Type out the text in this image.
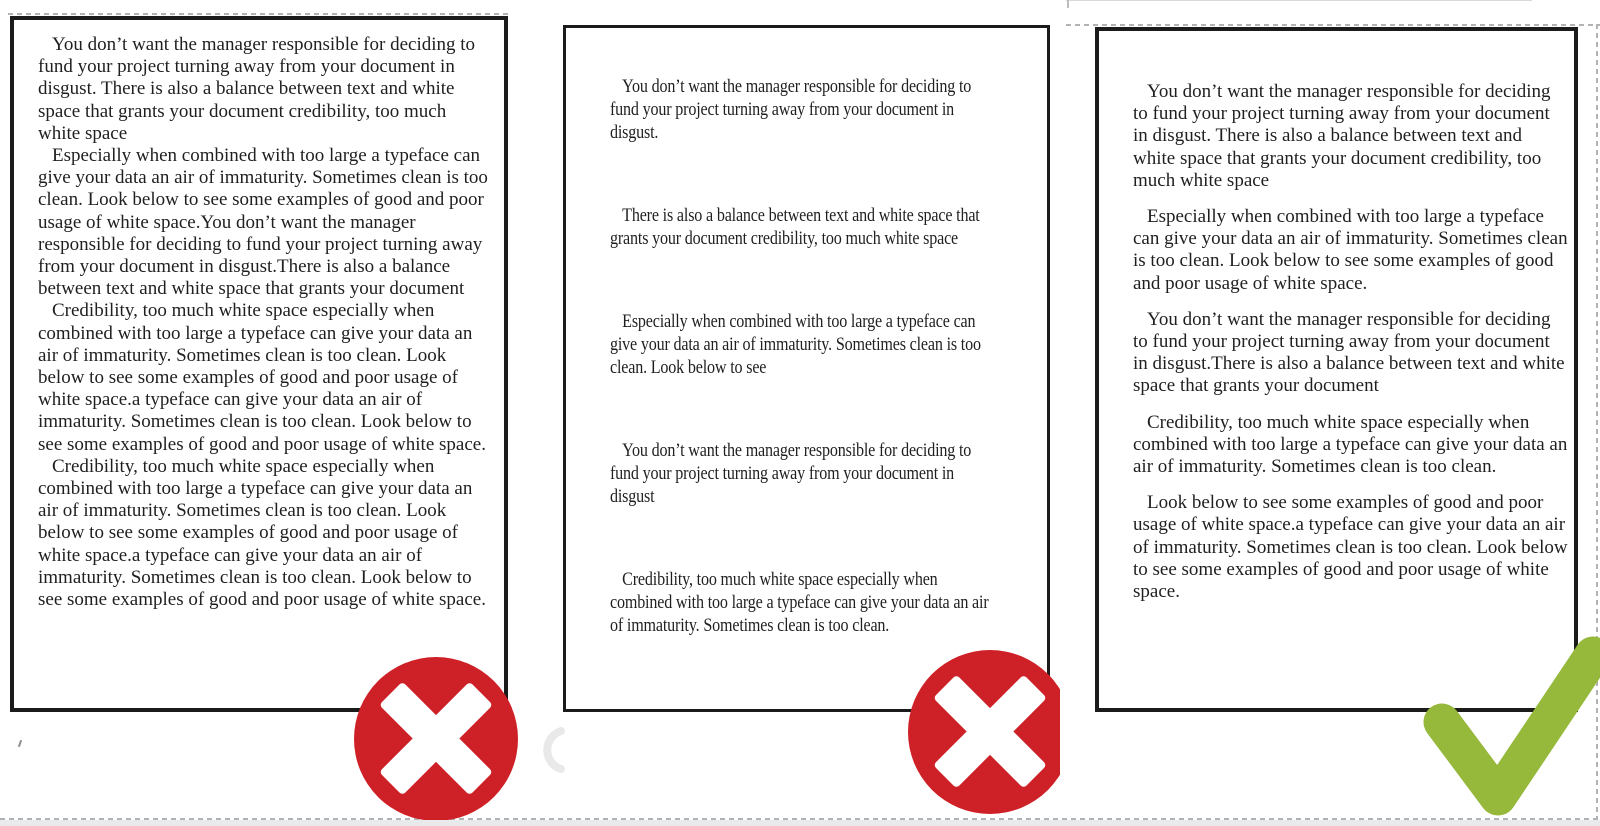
You don’t want the manager responsible for deciding to fund your project turning away from your document in disgust. There is also a balance between text and white space that grants your document credibility, too much white space

Especially when combined with too large a typeface can give your data an air of immaturity. Sometimes clean is too clean. Look below to see some examples of good and poor usage of white space.You don’t want the manager responsible for deciding to fund your project turning away from your document in disgust.There is also a balance between text and white space that grants your document

Credibility, too much white space especially when combined with too large a typeface can give your data an air of immaturity. Sometimes clean is too clean. Look below to see some examples of good and poor usage of white space.a typeface can give your data an air of immaturity. Sometimes clean is too clean. Look below to see some examples of good and poor usage of white space.

Credibility, too much white space especially when combined with too large a typeface can give your data an air of immaturity. Sometimes clean is too clean. Look below to see some examples of good and poor usage of white space.a typeface can give your data an air of immaturity. Sometimes clean is too clean. Look below to see some examples of good and poor usage of white space.

You don’t want the manager responsible for deciding to fund your project turning away from your document in disgust.

There is also a balance between text and white space that grants your document credibility, too much white space

Especially when combined with too large a typeface can give your data an air of immaturity. Sometimes clean is too clean. Look below to see

You don’t want the manager responsible for deciding to fund your project turning away from your document in disgust

Credibility, too much white space especially when combined with too large a typeface can give your data an air of immaturity. Sometimes clean is too clean.

You don’t want the manager responsible for deciding to fund your project turning away from your document in disgust. There is also a balance between text and white space that grants your document credibility, too much white space

Especially when combined with too large a typeface can give your data an air of immaturity. Sometimes clean is too clean. Look below to see some examples of good and poor usage of white space.

You don’t want the manager responsible for deciding to fund your project turning away from your document in disgust.There is also a balance between text and white space that grants your document

Credibility, too much white space especially when combined with too large a typeface can give your data an air of immaturity. Sometimes clean is too clean.

Look below to see some examples of good and poor usage of white space.a typeface can give your data an air of immaturity. Sometimes clean is too clean. Look below to see some examples of good and poor usage of white space.
